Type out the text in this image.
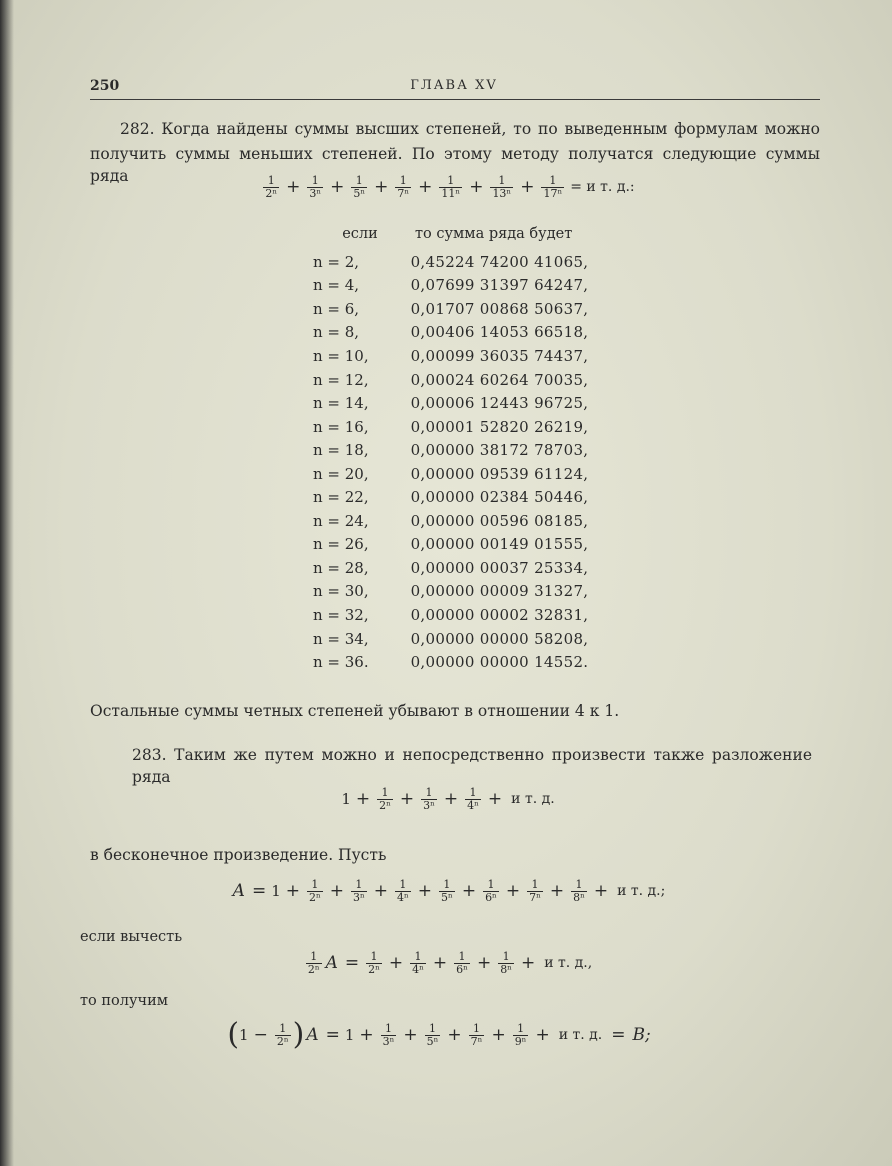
250	ГЛАВА XV
282. Когда найдены суммы высших степеней, то по выведенным формулам можно
получить суммы меньших степеней. По этому методу получатся следующие суммы ряда	$\frac{1}{\text{2ⁿ}} + \frac{1}{\text{3ⁿ}} + \frac{1}{\text{5ⁿ}} + \frac{1}{\text{7ⁿ}} + \frac{1}{\text{11ⁿ}} + \frac{1}{\text{13ⁿ}} + \frac{1}{\text{17ⁿ}} = и$ т. д.:
если	то сумма ряда будет
n = 2,	0,45224 74200 41065,
n = 4,	0,07699 31397 64247,
n = 6,	0,01707 00868 50637,
n = 8,	0,00406 14053 66518,
n = 10,	0,00099 36035 74437,
n = 12,	0,00024 60264 70035,
n = 14,	0,00006 12443 96725,
n = 16,	0,00001 52820 26219,
n = 18,	0,00000 38172 78703,
n = 20,	0,00000 09539 61124,
n = 22,	0,00000 02384 50446,
n = 24,	0,00000 00596 08185,
n = 26,	0,00000 00149 01555,
n = 28,	0,00000 00037 25334,
n = 30,	0,00000 00009 31327,
n = 32,	0,00000 00002 32831,
n = 34,	0,00000 00000 58208,
n = 36.	0,00000 00000 14552.
Остальные суммы четных степеней убывают в отношении 4 к 1.
283. Таким же путем можно и непосредственно произвести также разложение ряда
$1 + \frac{1}{\text{2ⁿ}} + \frac{1}{\text{3ⁿ}} + \frac{1}{\text{4ⁿ}} + и$ т. д.
в бесконечное произведение. Пусть
$A = 1 + \frac{1}{\text{2ⁿ}} + \frac{1}{\text{3ⁿ}} + \frac{1}{\text{4ⁿ}} + \frac{1}{\text{5ⁿ}} + \frac{1}{\text{6ⁿ}} + \frac{1}{\text{7ⁿ}} + \frac{1}{\text{8ⁿ}} + и$ т. д.;
если вычесть
$\frac{1}{\text{2ⁿ}}$ $A = \frac{1}{\text{2ⁿ}} + \frac{1}{\text{4ⁿ}} + \frac{1}{\text{6ⁿ}} + \frac{1}{\text{8ⁿ}} + и$ т. д.,
то получим
( $1 - \frac{1}{\text{2ⁿ}}$ ) $A = 1 + \frac{1}{\text{3ⁿ}} + \frac{1}{\text{5ⁿ}} + \frac{1}{\text{7ⁿ}} + \frac{1}{\text{9ⁿ}} + и$ т. д. = B;
